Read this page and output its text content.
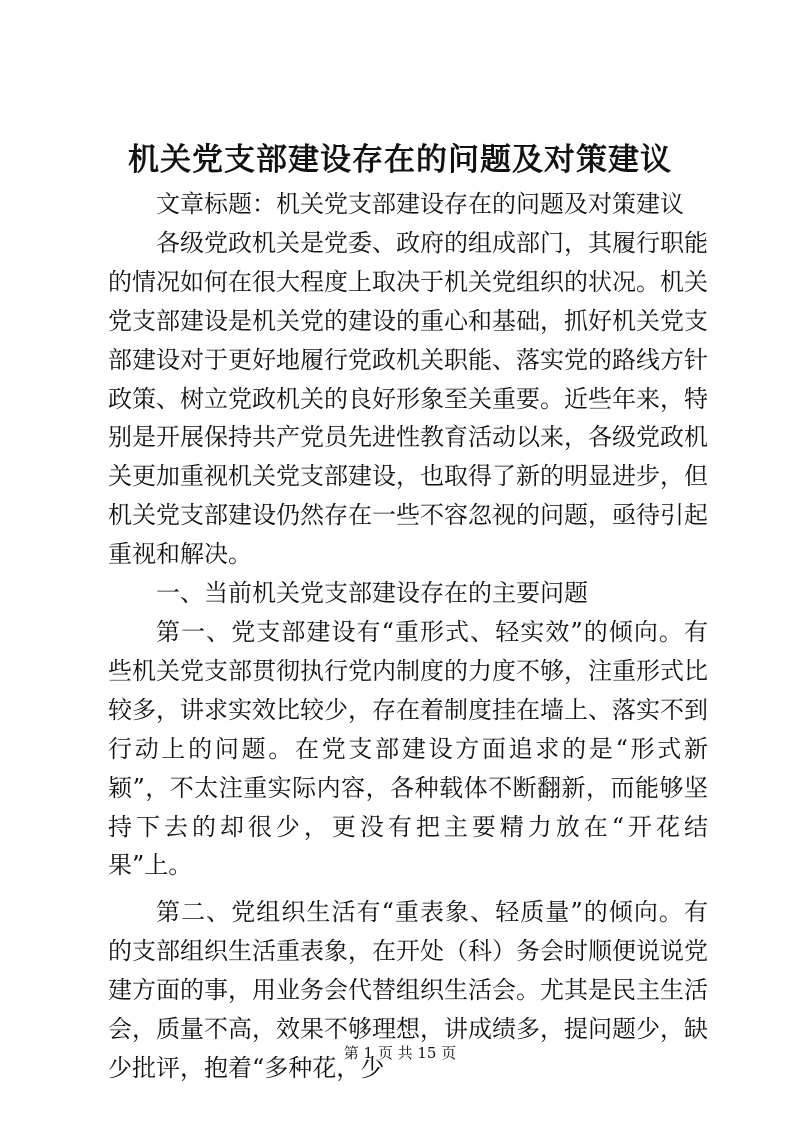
机关党支部建设存在的问题及对策建议

文章标题：机关党支部建设存在的问题及对策建议

各级党政机关是党委、政府的组成部门，其履行职能的情况如何在很大程度上取决于机关党组织的状况。机关党支部建设是机关党的建设的重心和基础，抓好机关党支部建设对于更好地履行党政机关职能、落实党的路线方针政策、树立党政机关的良好形象至关重要。近些年来，特别是开展保持共产党员先进性教育活动以来，各级党政机关更加重视机关党支部建设，也取得了新的明显进步，但机关党支部建设仍然存在一些不容忽视的问题，亟待引起重视和解决。

一、当前机关党支部建设存在的主要问题

第一、党支部建设有“重形式、轻实效”的倾向。有些机关党支部贯彻执行党内制度的力度不够，注重形式比较多，讲求实效比较少，存在着制度挂在墙上、落实不到行动上的问题。在党支部建设方面追求的是“形式新颖”，不太注重实际内容，各种载体不断翻新，而能够坚持下去的却很少，更没有把主要精力放在“开花结果”上。

第二、党组织生活有“重表象、轻质量”的倾向。有的支部组织生活重表象，在开处（科）务会时顺便说说党建方面的事，用业务会代替组织生活会。尤其是民主生活会，质量不高，效果不够理想，讲成绩多，提问题少，缺少批评，抱着“多种花，少

第 1 页 共 15 页
